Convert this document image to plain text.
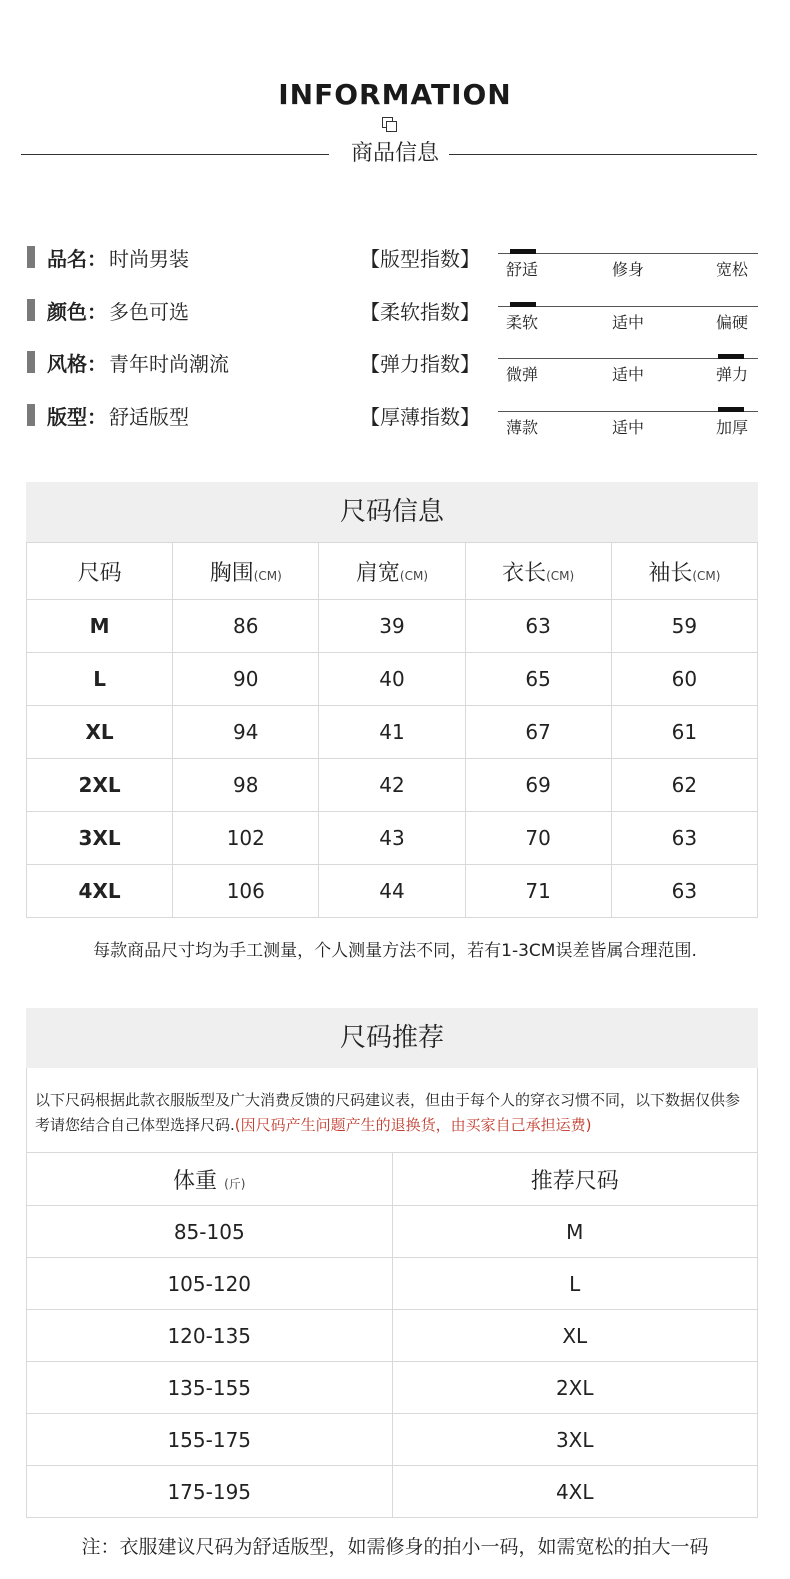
INFORMATION
商品信息
品名： 时尚男装
颜色： 多色可选
风格： 青年时尚潮流
版型： 舒适版型
【版型指数】 舒适	修身	宽松
【柔软指数】 柔软	适中	偏硬
【弹力指数】 微弹	适中	弹力
【厚薄指数】 薄款	适中	加厚
尺码信息
尺码	胸围(CM)	肩宽(CM)	衣长(CM)	袖长(CM)
M	86	39	63	59
L	90	40	65	60
XL	94	41	67	61
2XL	98	42	69	62
3XL	102	43	70	63
4XL	106	44	71	63
每款商品尺寸均为手工测量，个人测量方法不同，若有1-3CM误差皆属合理范围.
尺码推荐
以下尺码根据此款衣服版型及广大消费反馈的尺码建议表，但由于每个人的穿衣习惯不同，以下数据仅供参考请您结合自己体型选择尺码.(因尺码产生问题产生的退换货，由买家自己承担运费)
体重 (斤)	推荐尺码
85-105	M
105-120	L
120-135	XL
135-155	2XL
155-175	3XL
175-195	4XL
注：衣服建议尺码为舒适版型，如需修身的拍小一码，如需宽松的拍大一码
